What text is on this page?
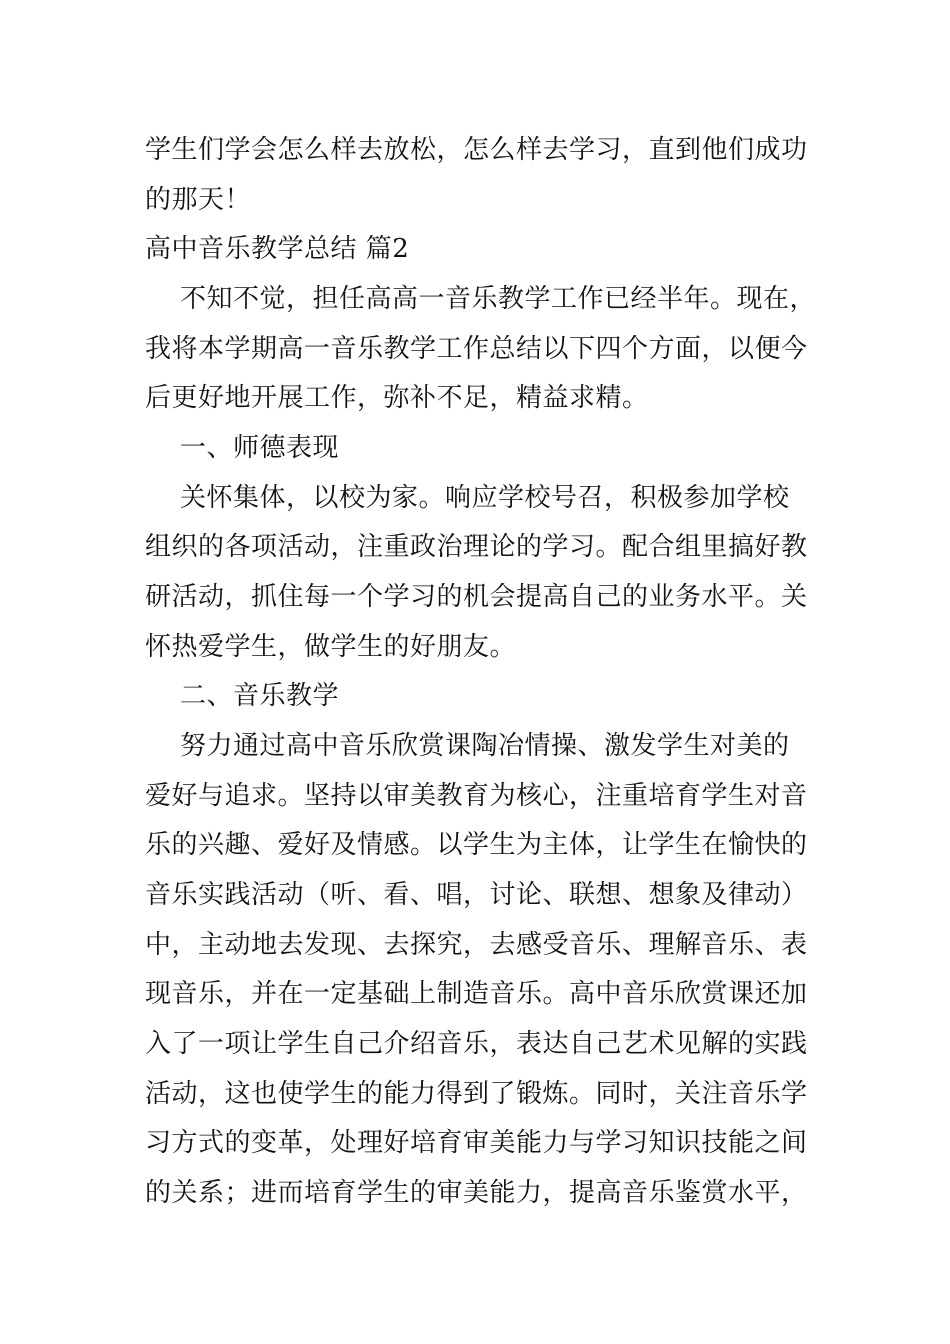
学生们学会怎么样去放松，怎么样去学习，直到他们成功
的那天！
高中音乐教学总结 篇2
不知不觉，担任高高一音乐教学工作已经半年。现在，
我将本学期高一音乐教学工作总结以下四个方面，以便今
后更好地开展工作，弥补不足，精益求精。
一、师德表现
关怀集体，以校为家。响应学校号召，积极参加学校
组织的各项活动，注重政治理论的学习。配合组里搞好教
研活动，抓住每一个学习的机会提高自己的业务水平。关
怀热爱学生，做学生的好朋友。
二、音乐教学
努力通过高中音乐欣赏课陶冶情操、激发学生对美的
爱好与追求。坚持以审美教育为核心，注重培育学生对音
乐的兴趣、爱好及情感。以学生为主体，让学生在愉快的
音乐实践活动（听、看、唱，讨论、联想、想象及律动）
中，主动地去发现、去探究，去感受音乐、理解音乐、表
现音乐，并在一定基础上制造音乐。高中音乐欣赏课还加
入了一项让学生自己介绍音乐，表达自己艺术见解的实践
活动，这也使学生的能力得到了锻炼。同时，关注音乐学
习方式的变革，处理好培育审美能力与学习知识技能之间
的关系；进而培育学生的审美能力，提高音乐鉴赏水平，
